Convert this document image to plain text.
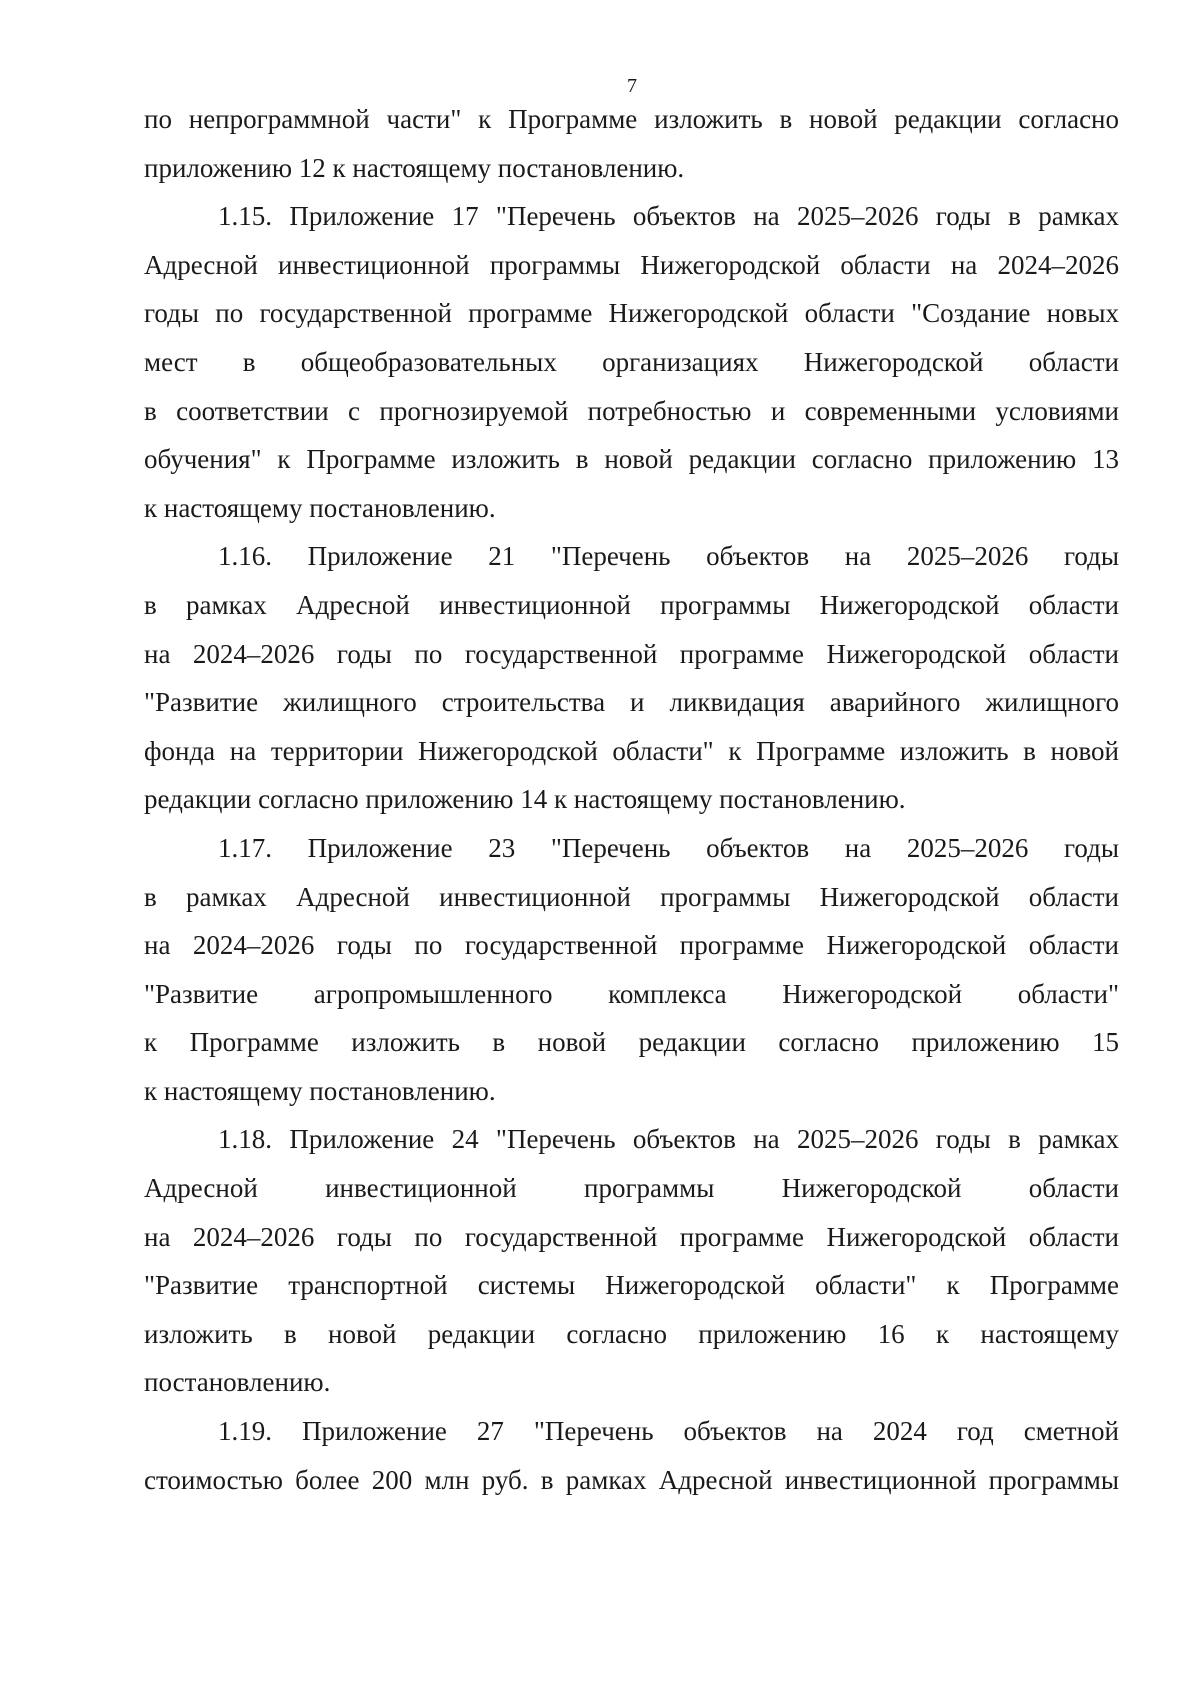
7
по непрограммной части" к Программе изложить в новой редакции согласно
приложению 12 к настоящему постановлению.
1.15. Приложение 17 "Перечень объектов на 2025–2026 годы в рамках
Адресной инвестиционной программы Нижегородской области на 2024–2026
годы по государственной программе Нижегородской области "Создание новых
мест в общеобразовательных организациях Нижегородской области
в соответствии с прогнозируемой потребностью и современными условиями
обучения" к Программе изложить в новой редакции согласно приложению 13
к настоящему постановлению.
1.16. Приложение 21 "Перечень объектов на 2025–2026 годы
в рамках Адресной инвестиционной программы Нижегородской области
на 2024–2026 годы по государственной программе Нижегородской области
"Развитие жилищного строительства и ликвидация аварийного жилищного
фонда на территории Нижегородской области" к Программе изложить в новой
редакции согласно приложению 14 к настоящему постановлению.
1.17. Приложение 23 "Перечень объектов на 2025–2026 годы
в рамках Адресной инвестиционной программы Нижегородской области
на 2024–2026 годы по государственной программе Нижегородской области
"Развитие агропромышленного комплекса Нижегородской области"
к Программе изложить в новой редакции согласно приложению 15
к настоящему постановлению.
1.18. Приложение 24 "Перечень объектов на 2025–2026 годы в рамках
Адресной инвестиционной программы Нижегородской области
на 2024–2026 годы по государственной программе Нижегородской области
"Развитие транспортной системы Нижегородской области" к Программе
изложить в новой редакции согласно приложению 16 к настоящему
постановлению.
1.19. Приложение 27 "Перечень объектов на 2024 год сметной
стоимостью более 200 млн руб. в рамках Адресной инвестиционной программы
